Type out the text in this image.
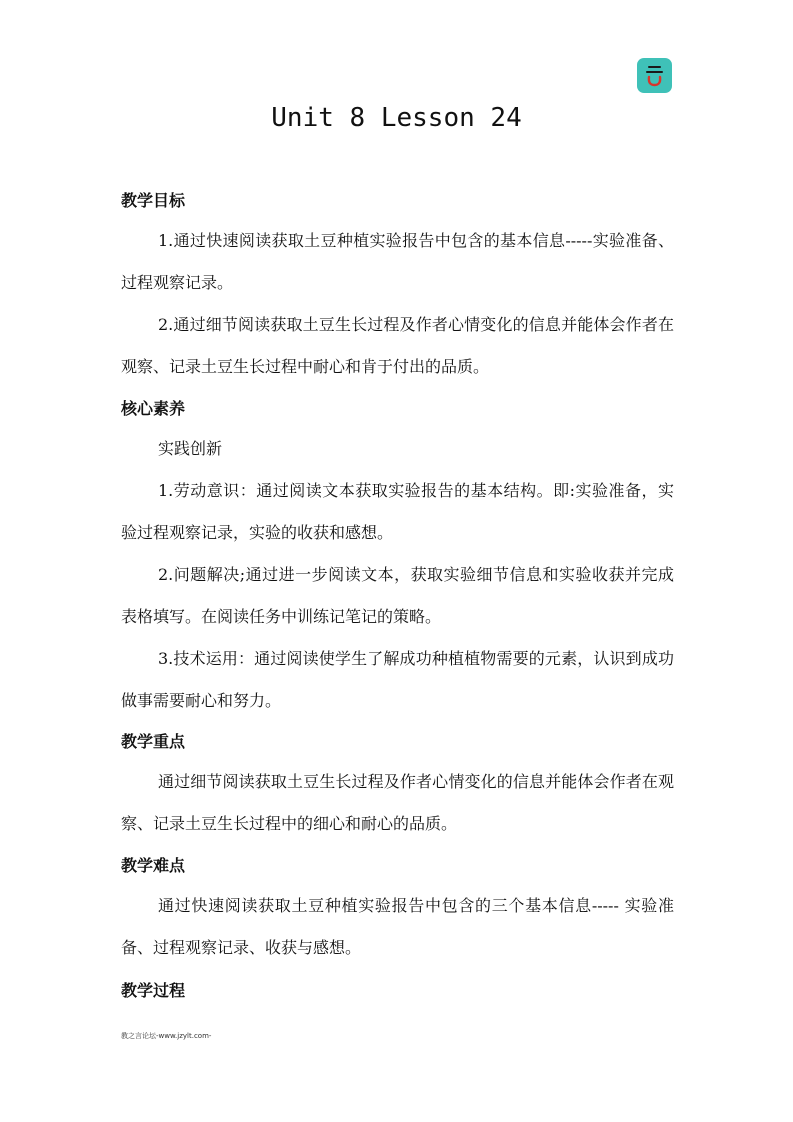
Unit 8 Lesson 24
教学目标

1.通过快速阅读获取土豆种植实验报告中包含的基本信息-----实验准备、过程观察记录。

2.通过细节阅读获取土豆生长过程及作者心情变化的信息并能体会作者在观察、记录土豆生长过程中耐心和肯于付出的品质。

核心素养

实践创新

1.劳动意识：通过阅读文本获取实验报告的基本结构。即:实验准备，实验过程观察记录，实验的收获和感想。

2.问题解决;通过进一步阅读文本，获取实验细节信息和实验收获并完成表格填写。在阅读任务中训练记笔记的策略。

3.技术运用：通过阅读使学生了解成功种植植物需要的元素，认识到成功做事需要耐心和努力。

教学重点

通过细节阅读获取土豆生长过程及作者心情变化的信息并能体会作者在观察、记录土豆生长过程中的细心和耐心的品质。

教学难点

通过快速阅读获取土豆种植实验报告中包含的三个基本信息----- 实验准备、过程观察记录、收获与感想。

教学过程
教之言论坛-www.jzylt.com-
